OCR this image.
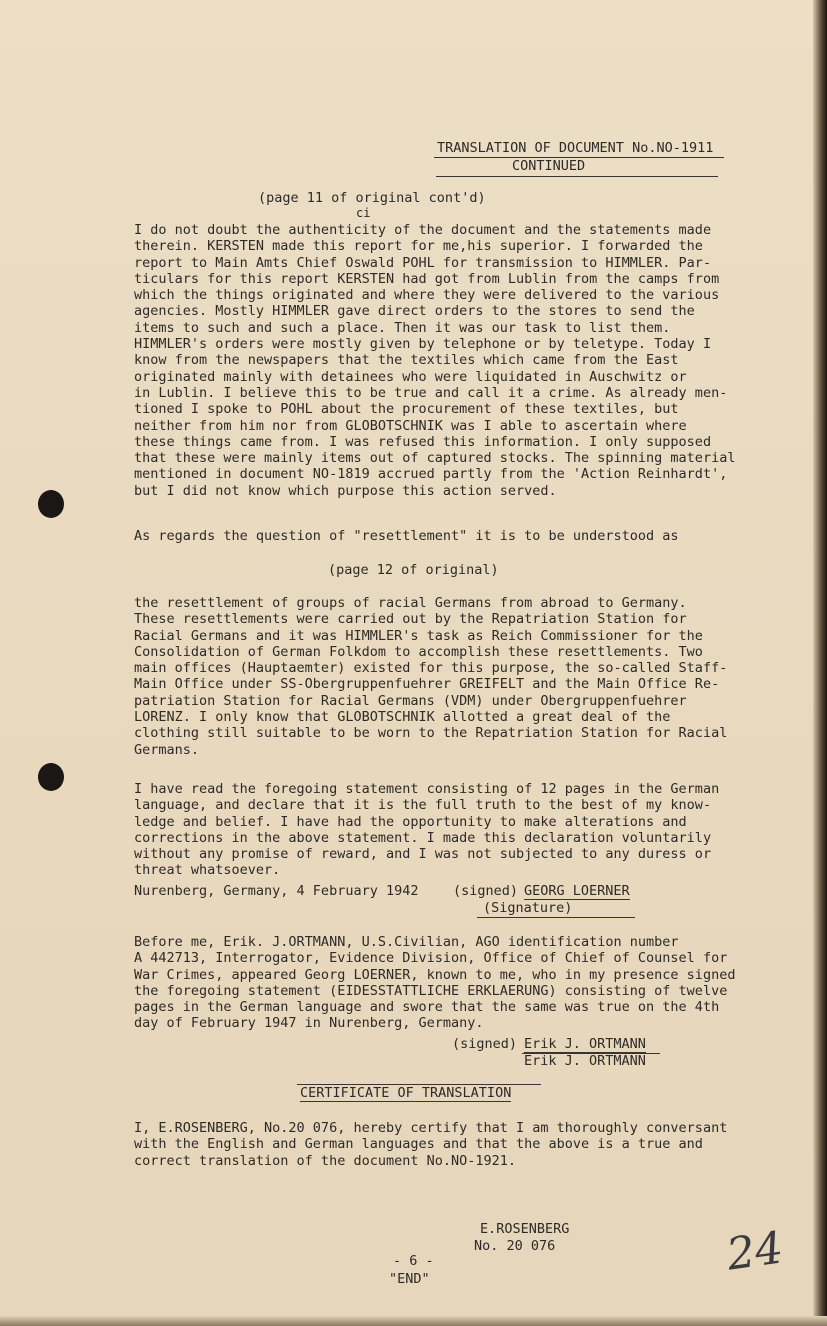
TRANSLATION OF DOCUMENT No.NO-1911
CONTINUED
(page 11 of original cont'd)
ci
I do not doubt the authenticity of the document and the statements made
therein. KERSTEN made this report for me,his superior. I forwarded the
report to Main Amts Chief Oswald POHL for transmission to HIMMLER. Par-
ticulars for this report KERSTEN had got from Lublin from the camps from
which the things originated and where they were delivered to the various
agencies. Mostly HIMMLER gave direct orders to the stores to send the
items to such and such a place. Then it was our task to list them.
HIMMLER's orders were mostly given by telephone or by teletype. Today I
know from the newspapers that the textiles which came from the East
originated mainly with detainees who were liquidated in Auschwitz or
in Lublin. I believe this to be true and call it a crime. As already men-
tioned I spoke to POHL about the procurement of these textiles, but
neither from him nor from GLOBOTSCHNIK was I able to ascertain where
these things came from. I was refused this information. I only supposed
that these were mainly items out of captured stocks. The spinning material
mentioned in document NO-1819 accrued partly from the 'Action Reinhardt',
but I did not know which purpose this action served.
As regards the question of "resettlement" it is to be understood as
(page 12 of original)
the resettlement of groups of racial Germans from abroad to Germany.
These resettlements were carried out by the Repatriation Station for
Racial Germans and it was HIMMLER's task as Reich Commissioner for the
Consolidation of German Folkdom to accomplish these resettlements. Two
main offices (Hauptaemter) existed for this purpose, the so-called Staff-
Main Office under SS-Obergruppenfuehrer GREIFELT and the Main Office Re-
patriation Station for Racial Germans (VDM) under Obergruppenfuehrer
LORENZ. I only know that GLOBOTSCHNIK allotted a great deal of the
clothing still suitable to be worn to the Repatriation Station for Racial
Germans.
I have read the foregoing statement consisting of 12 pages in the German
language, and declare that it is the full truth to the best of my know-
ledge and belief. I have had the opportunity to make alterations and
corrections in the above statement. I made this declaration voluntarily
without any promise of reward, and I was not subjected to any duress or
threat whatsoever.
Nurenberg, Germany, 4 February 1942	(signed) GEORG LOERNER
(Signature)
Before me, Erik. J.ORTMANN, U.S.Civilian, AGO identification number
A 442713, Interrogator, Evidence Division, Office of Chief of Counsel for
War Crimes, appeared Georg LOERNER, known to me, who in my presence signed
the foregoing statement (EIDESSTATTLICHE ERKLAERUNG) consisting of twelve
pages in the German language and swore that the same was true on the 4th
day of February 1947 in Nurenberg, Germany.
(signed) Erik J. ORTMANN
Erik J. ORTMANN
CERTIFICATE OF TRANSLATION
I, E.ROSENBERG, No.20 076, hereby certify that I am thoroughly conversant
with the English and German languages and that the above is a true and
correct translation of the document No.NO-1921.
E.ROSENBERG
No. 20 076
- 6 -
"END"	24
